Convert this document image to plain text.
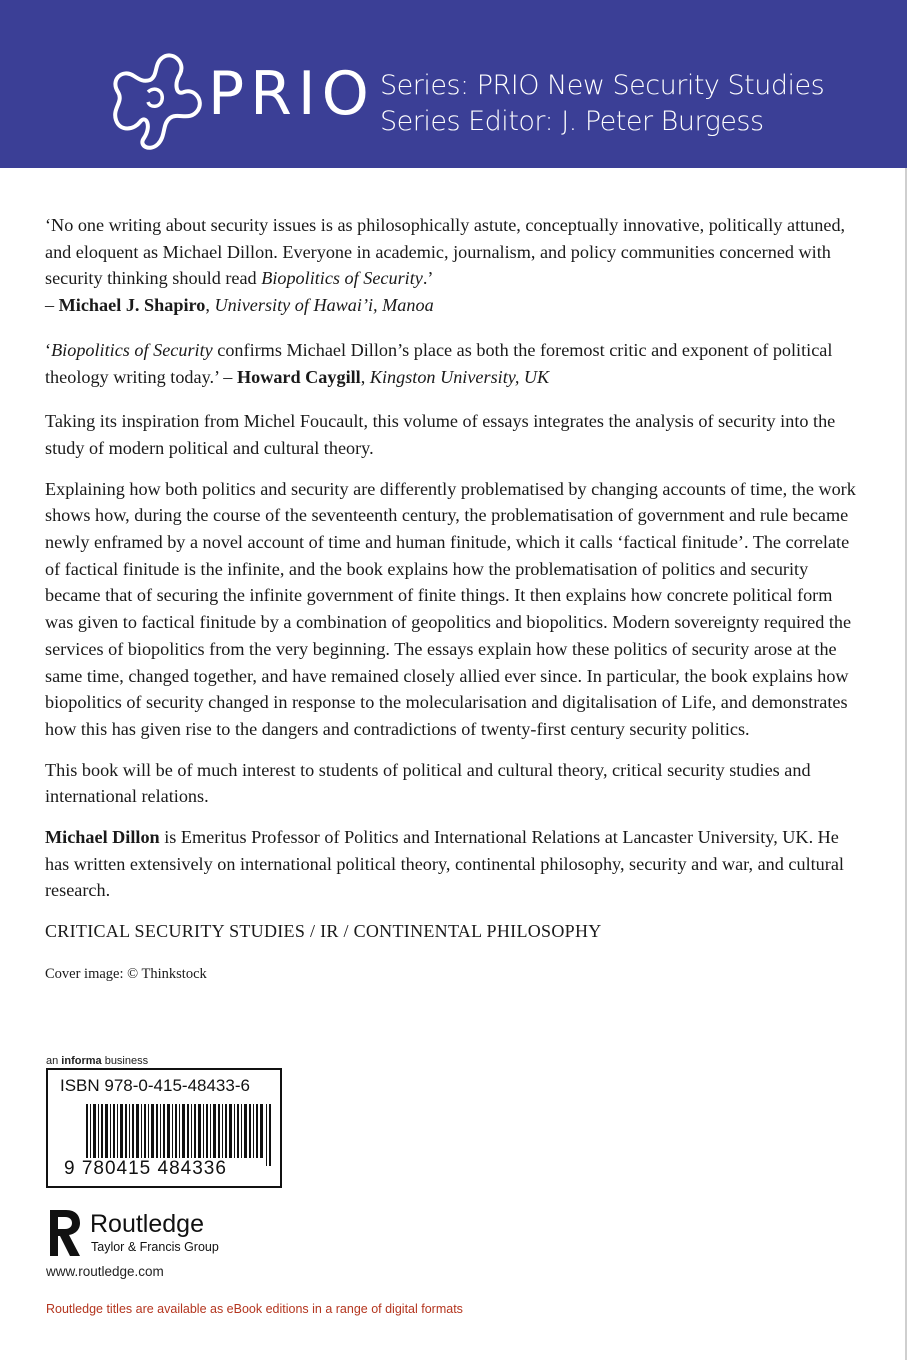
PRIO Series: PRIO New Security Studies
Series Editor: J. Peter Burgess

‘No one writing about security issues is as philosophically astute, conceptually innovative, politically attuned, and eloquent as Michael Dillon. Everyone in academic, journalism, and policy communities concerned with security thinking should read Biopolitics of Security.’
– Michael J. Shapiro, University of Hawai’i, Manoa

‘Biopolitics of Security confirms Michael Dillon’s place as both the foremost critic and exponent of political theology writing today.’ – Howard Caygill, Kingston University, UK

Taking its inspiration from Michel Foucault, this volume of essays integrates the analysis of security into the study of modern political and cultural theory.

Explaining how both politics and security are differently problematised by changing accounts of time, the work shows how, during the course of the seventeenth century, the problematisation of government and rule became newly enframed by a novel account of time and human finitude, which it calls ‘factical finitude’. The correlate of factical finitude is the infinite, and the book explains how the problematisation of politics and security became that of securing the infinite government of finite things. It then explains how concrete political form was given to factical finitude by a combination of geopolitics and biopolitics. Modern sovereignty required the services of biopolitics from the very beginning. The essays explain how these politics of security arose at the same time, changed together, and have remained closely allied ever since. In particular, the book explains how biopolitics of security changed in response to the molecularisation and digitalisation of Life, and demonstrates how this has given rise to the dangers and contradictions of twenty-first century security politics.

This book will be of much interest to students of political and cultural theory, critical security studies and international relations.

Michael Dillon is Emeritus Professor of Politics and International Relations at Lancaster University, UK. He has written extensively on international political theory, continental philosophy, security and war, and cultural research.

CRITICAL SECURITY STUDIES / IR / CONTINENTAL PHILOSOPHY

Cover image: © Thinkstock

an informa business
ISBN 978-0-415-48433-6
9 780415 484336
Routledge
Taylor & Francis Group
www.routledge.com
Routledge titles are available as eBook editions in a range of digital formats
